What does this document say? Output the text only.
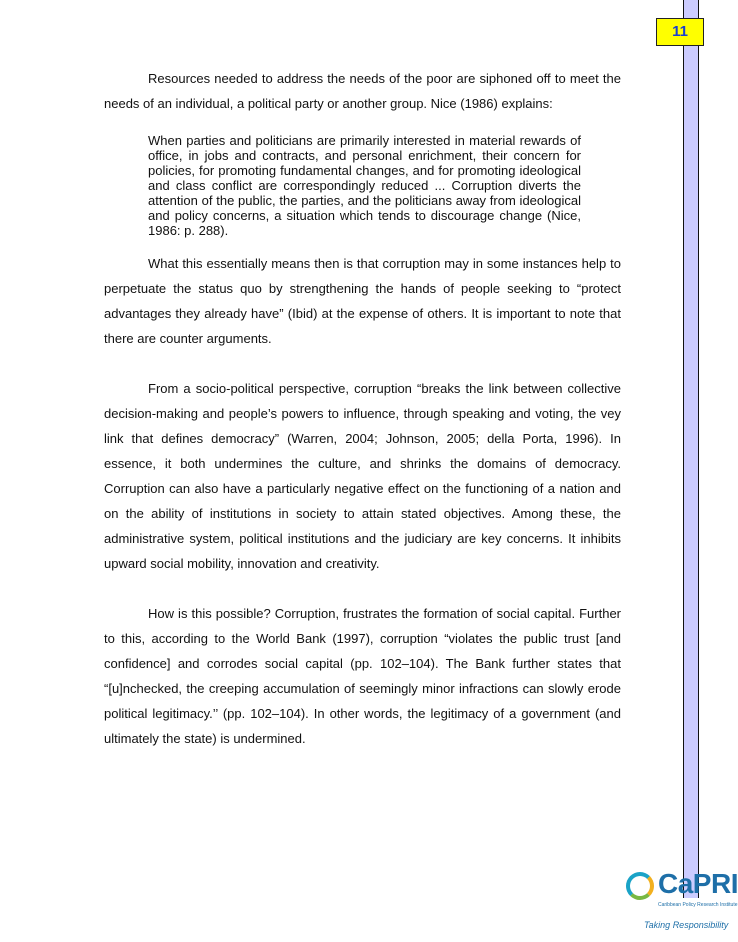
11

Resources needed to address the needs of the poor are siphoned off to meet the needs of an individual, a political party or another group. Nice (1986) explains:

When parties and politicians are primarily interested in material rewards of office, in jobs and contracts, and personal enrichment, their concern for policies, for promoting fundamental changes, and for promoting ideological and class conflict are correspondingly reduced ... Corruption diverts the attention of the public, the parties, and the politicians away from ideological and policy concerns, a situation which tends to discourage change (Nice, 1986: p. 288).

What this essentially means then is that corruption may in some instances help to perpetuate the status quo by strengthening the hands of people seeking to “protect advantages they already have” (Ibid) at the expense of others. It is important to note that there are counter arguments.

From a socio-political perspective, corruption “breaks the link between collective decision-making and people’s powers to influence, through speaking and voting, the vey link that defines democracy” (Warren, 2004; Johnson, 2005; della Porta, 1996). In essence, it both undermines the culture, and shrinks the domains of democracy. Corruption can also have a particularly negative effect on the functioning of a nation and on the ability of institutions in society to attain stated objectives. Among these, the administrative system, political institutions and the judiciary are key concerns. It inhibits upward social mobility, innovation and creativity.

How is this possible? Corruption, frustrates the formation of social capital. Further to this, according to the World Bank (1997), corruption “violates the public trust [and confidence] and corrodes social capital (pp. 102–104). The Bank further states that “[u]nchecked, the creeping accumulation of seemingly minor infractions can slowly erode political legitimacy.’’ (pp. 102–104). In other words, the legitimacy of a government (and ultimately the state) is undermined.

CaPRI
Caribbean Policy Research Institute
Taking Responsibility
